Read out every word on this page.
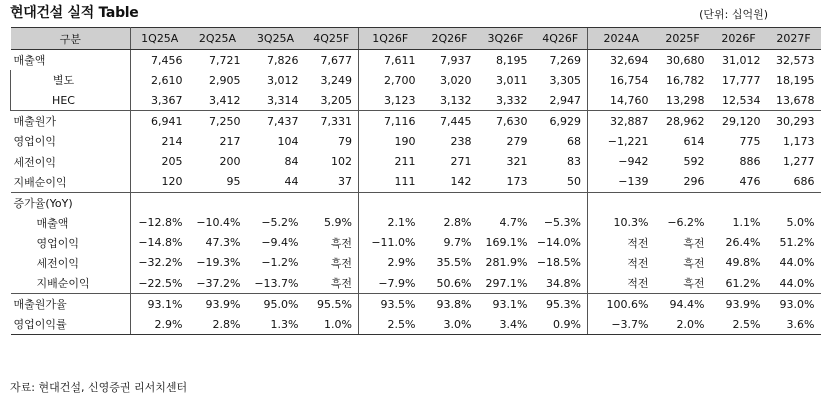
현대건설 실적 Table	(단위: 십억원)
구분	1Q25A	2Q25A	3Q25A	4Q25F	1Q26F	2Q26F	3Q26F	4Q26F	2024A	2025F	2026F	2027F
매출액	7,456	7,721	7,826	7,677	7,611	7,937	8,195	7,269	32,694	30,680	31,012	32,573
별도	2,610	2,905	3,012	3,249	2,700	3,020	3,011	3,305	16,754	16,782	17,777	18,195
HEC	3,367	3,412	3,314	3,205	3,123	3,132	3,332	2,947	14,760	13,298	12,534	13,678
매출원가	6,941	7,250	7,437	7,331	7,116	7,445	7,630	6,929	32,887	28,962	29,120	30,293
영업이익	214	217	104	79	190	238	279	68	−1,221	614	775	1,173
세전이익	205	200	84	102	211	271	321	83	−942	592	886	1,277
지배순이익	120	95	44	37	111	142	173	50	−139	296	476	686
증가율(YoY)												
매출액	−12.8%	−10.4%	−5.2%	5.9%	2.1%	2.8%	4.7%	−5.3%	10.3%	−6.2%	1.1%	5.0%
영업이익	−14.8%	47.3%	−9.4%	흑전	−11.0%	9.7%	169.1%	−14.0%	적전	흑전	26.4%	51.2%
세전이익	−32.2%	−19.3%	−1.2%	흑전	2.9%	35.5%	281.9%	−18.5%	적전	흑전	49.8%	44.0%
지배순이익	−22.5%	−37.2%	−13.7%	흑전	−7.9%	50.6%	297.1%	34.8%	적전	흑전	61.2%	44.0%
매출원가율	93.1%	93.9%	95.0%	95.5%	93.5%	93.8%	93.1%	95.3%	100.6%	94.4%	93.9%	93.0%
영업이익률	2.9%	2.8%	1.3%	1.0%	2.5%	3.0%	3.4%	0.9%	−3.7%	2.0%	2.5%	3.6%
자료: 현대건설, 신영증권 리서치센터
